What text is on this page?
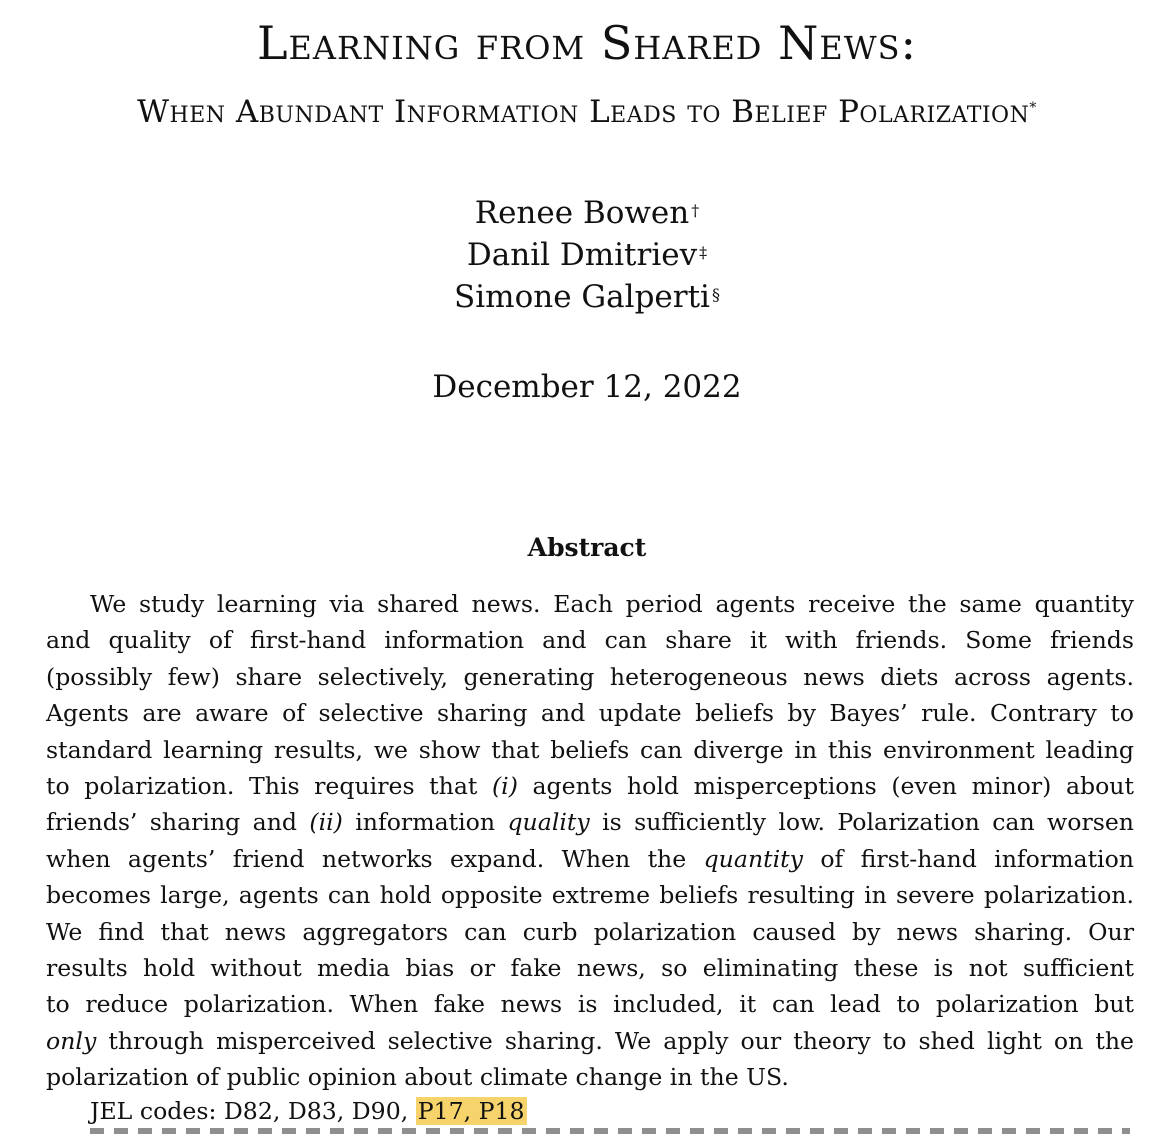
Learning from Shared News:
When Abundant Information Leads to Belief Polarization*
Renee Bowen †
Danil Dmitriev ‡
Simone Galperti §
December 12, 2022
Abstract
We study learning via shared news. Each period agents receive the same quantity
and quality of first-hand information and can share it with friends. Some friends
(possibly few) share selectively, generating heterogeneous news diets across agents.
Agents are aware of selective sharing and update beliefs by Bayes’ rule. Contrary to
standard learning results, we show that beliefs can diverge in this environment leading
to polarization. This requires that (i) agents hold misperceptions (even minor) about
friends’ sharing and (ii) information quality is sufficiently low. Polarization can worsen
when agents’ friend networks expand. When the quantity of first-hand information
becomes large, agents can hold opposite extreme beliefs resulting in severe polarization.
We find that news aggregators can curb polarization caused by news sharing. Our
results hold without media bias or fake news, so eliminating these is not sufficient
to reduce polarization. When fake news is included, it can lead to polarization but
only through misperceived selective sharing. We apply our theory to shed light on the
polarization of public opinion about climate change in the US.
JEL codes: D82, D83, D90, P17, P18
